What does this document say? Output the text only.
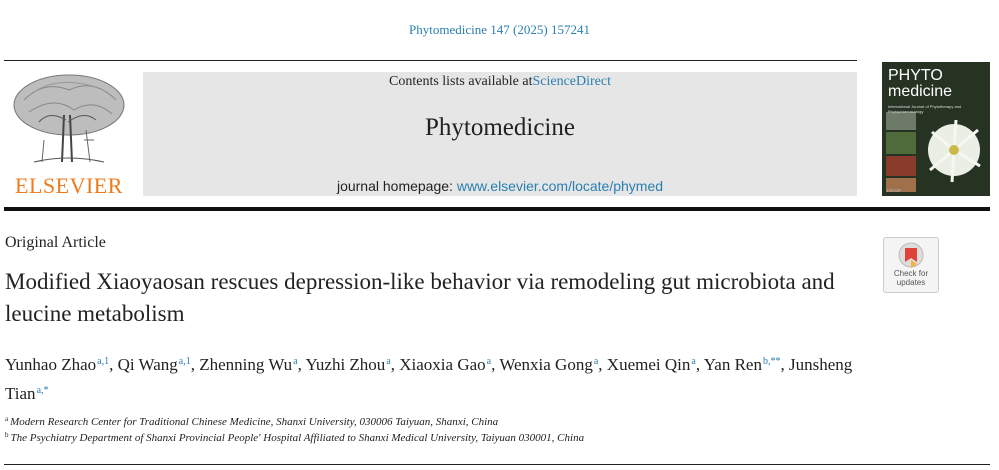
Phytomedicine 147 (2025) 157241
ELSEVIER
Contents lists available atScienceDirect
Phytomedicine
journal homepage: www.elsevier.com/locate/phymed
PHYTO
medicine
International Journal of Phytotherapy and Phytopharmacology
ESCOP
Original Article
Check for
updates
Modified Xiaoyaosan rescues depression-like behavior via remodeling gut microbiota and leucine metabolism
Yunhao Zhao$^{a,1}$, Qi Wang$^{a,1}$, Zhenning Wu$^a$, Yuzhi Zhou$^a$, Xiaoxia Gao$^a$, Wenxia Gong$^a$, Xuemei Qin$^a$, Yan Ren$^{b,**}$, Junsheng Tian$^{a,*}$
$^a$ Modern Research Center for Traditional Chinese Medicine, Shanxi University, 030006 Taiyuan, Shanxi, China
$^b$ The Psychiatry Department of Shanxi Provincial People' Hospital Affiliated to Shanxi Medical University, Taiyuan 030001, China
